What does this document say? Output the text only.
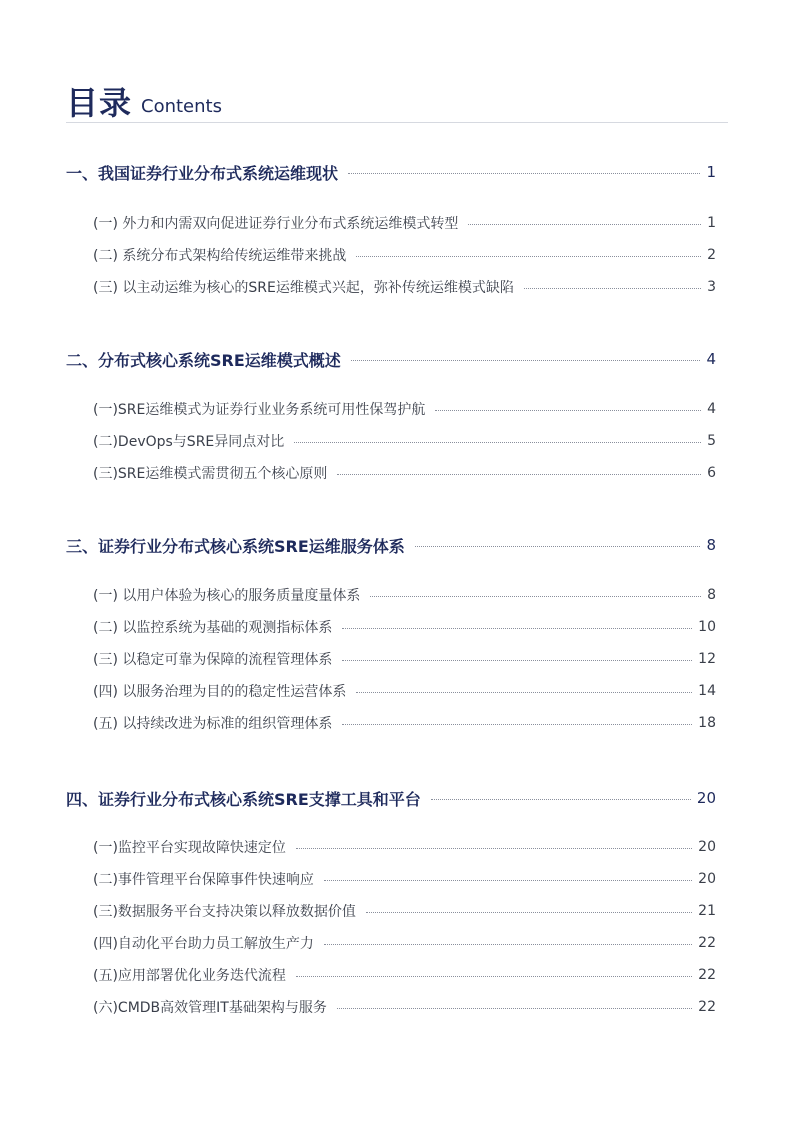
目录 Contents
一、我国证券行业分布式系统运维现状	1
(一) 外力和内需双向促进证券行业分布式系统运维模式转型	1
(二) 系统分布式架构给传统运维带来挑战	2
(三) 以主动运维为核心的SRE运维模式兴起，弥补传统运维模式缺陷	3
二、分布式核心系统SRE运维模式概述	4
(一)SRE运维模式为证券行业业务系统可用性保驾护航	4
(二)DevOps与SRE异同点对比	5
(三)SRE运维模式需贯彻五个核心原则	6
三、证券行业分布式核心系统SRE运维服务体系	8
(一) 以用户体验为核心的服务质量度量体系	8
(二) 以监控系统为基础的观测指标体系	10
(三) 以稳定可靠为保障的流程管理体系	12
(四) 以服务治理为目的的稳定性运营体系	14
(五) 以持续改进为标准的组织管理体系	18
四、证券行业分布式核心系统SRE支撑工具和平台	20
(一)监控平台实现故障快速定位	20
(二)事件管理平台保障事件快速响应	20
(三)数据服务平台支持决策以释放数据价值	21
(四)自动化平台助力员工解放生产力	22
(五)应用部署优化业务迭代流程	22
(六)CMDB高效管理IT基础架构与服务	22
